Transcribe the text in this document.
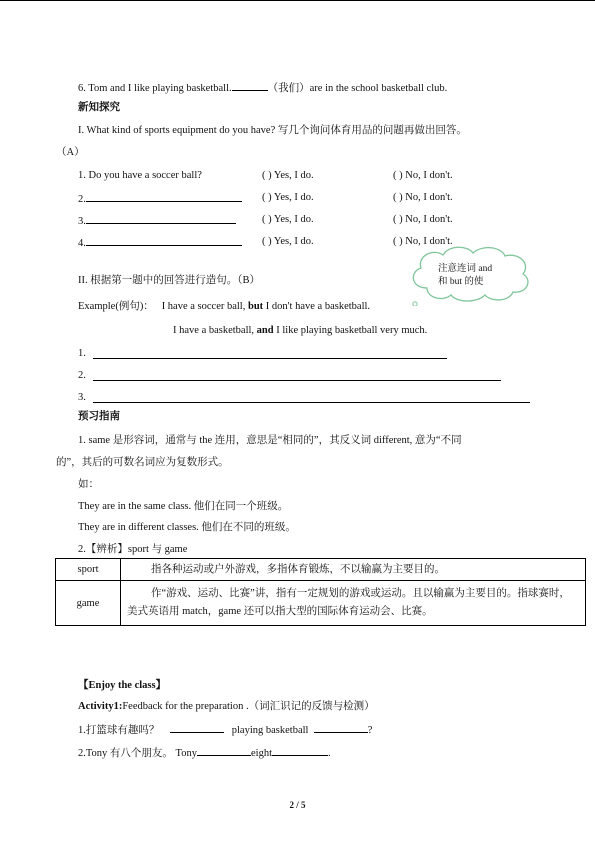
6. Tom and I like playing basketball.	（我们）are in the school basketball club.
新知探究
I. What kind of sports equipment do you have? 写几个询问体育用品的问题再做出回答。
（A）
1. Do you have a soccer ball?	( ) Yes, I do.	( ) No, I don't.
2.	( ) Yes, I do.	( ) No, I don't.
3.	( ) Yes, I do.	( ) No, I don't.
4.	( ) Yes, I do.	( ) No, I don't.
注意连词 and
和 but 的使
II. 根据第一题中的回答进行造句。（B）
Example(例句)： I have a soccer ball, but I don't have a basketball.
I have a basketball, and I like playing basketball very much.
1.
2.
3.
预习指南
1. same 是形容词，通常与 the 连用，意思是“相同的”，其反义词 different, 意为“不同
的”，其后的可数名词应为复数形式。
如：
They are in the same class. 他们在同一个班级。
They are in different classes. 他们在不同的班级。
2.【辨析】sport 与 game
sport	指各种运动或户外游戏，多指体育锻炼，不以输赢为主要目的。
game	作“游戏、运动、比赛”讲，指有一定规划的游戏或运动。且以输赢为主要目的。指球赛时，美式英语用 match，game 还可以指大型的国际体育运动会、比赛。
【Enjoy the class】
Activity1:Feedback for the preparation .（词汇识记的反馈与检测）
1.打篮球有趣吗？	playing basketball	?
2.Tony 有八个朋友。 Tony	eight	.
2 / 5
